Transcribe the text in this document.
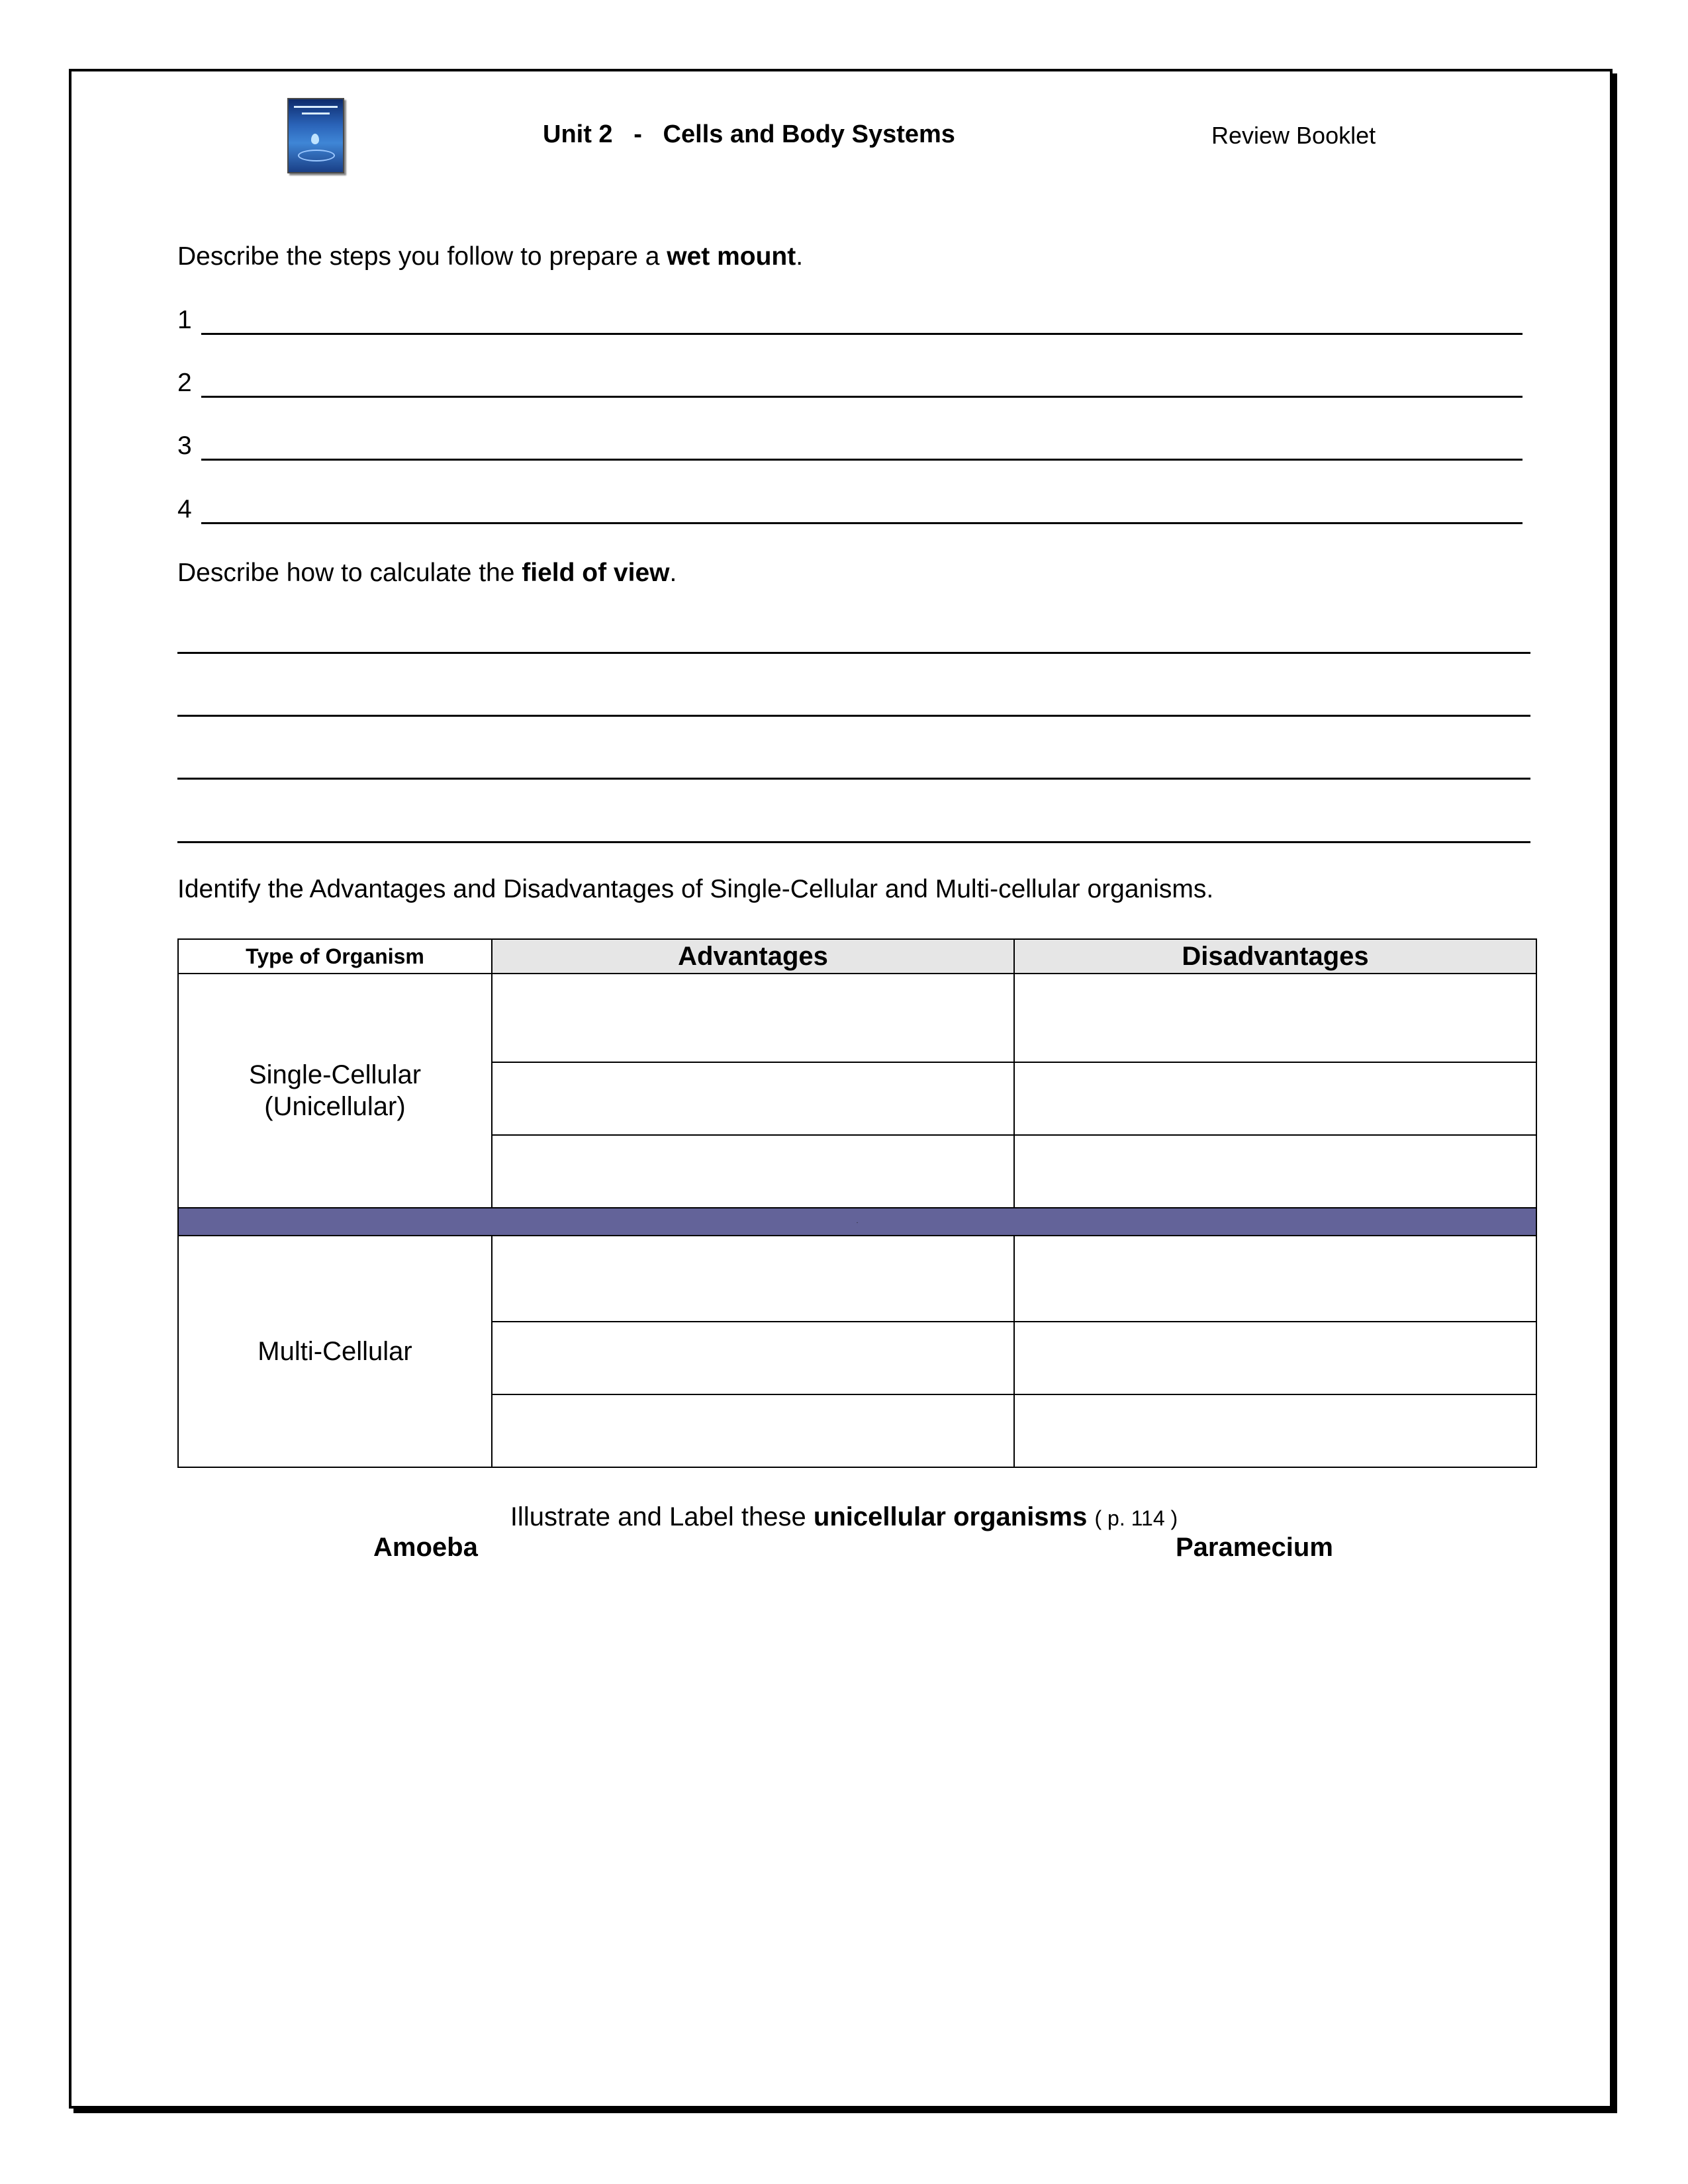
Unit 2   -   Cells and Body Systems	Review Booklet
Describe the steps you follow to prepare a wet mount.
1
2
3
4
Describe how to calculate the field of view.
Identify the Advantages and Disadvantages of Single-Cellular and Multi-cellular organisms.
Type of Organism	Advantages	Disadvantages
Single-Cellular
(Unicellular)		

.		
Multi-Cellular		

Illustrate and Label these unicellular organisms ( p. 114 )
Amoeba	Paramecium
